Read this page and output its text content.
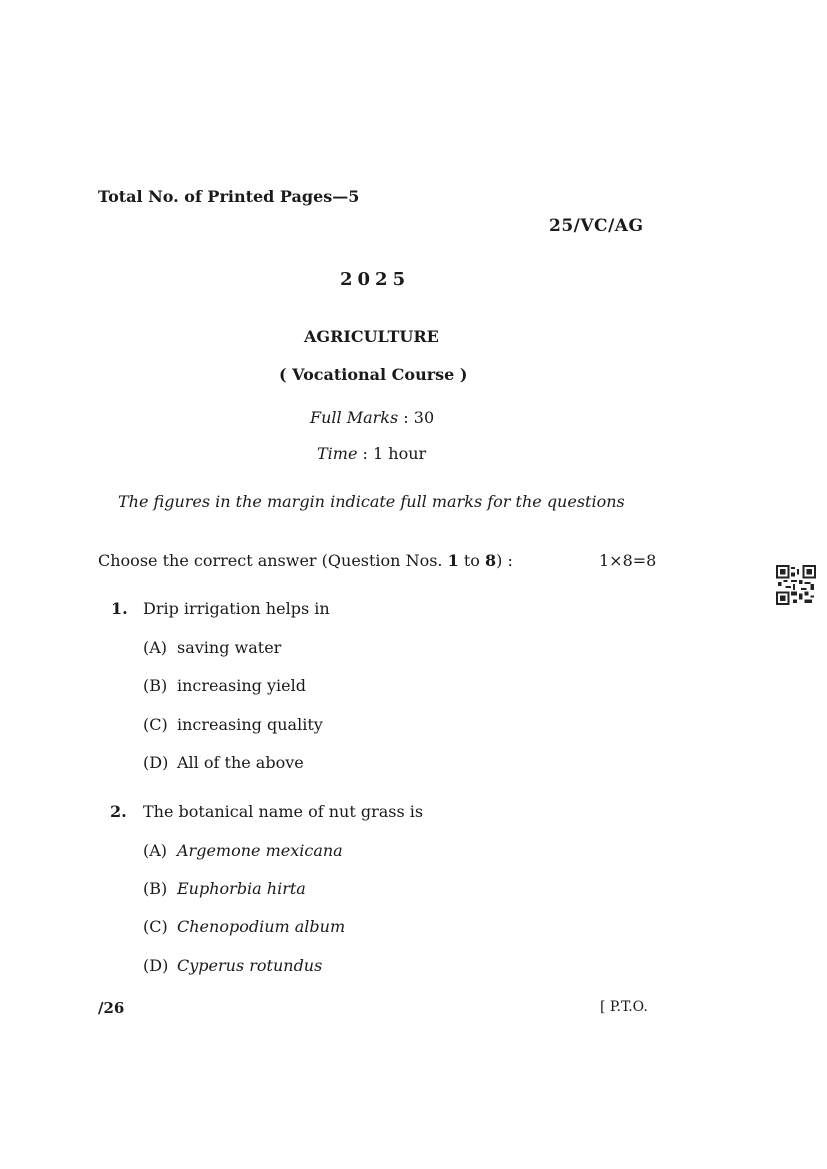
Total No. of Printed Pages—5
25/VC/AG
2025
AGRICULTURE
( Vocational Course )
Full Marks : 30
Time : 1 hour
The figures in the margin indicate full marks for the questions
Choose the correct answer (Question Nos. 1 to 8) :	1×8=8
1. Drip irrigation helps in
(A) saving water
(B) increasing yield
(C) increasing quality
(D) All of the above
2. The botanical name of nut grass is
(A) Argemone mexicana
(B) Euphorbia hirta
(C) Chenopodium album
(D) Cyperus rotundus
/26	[ P.T.O.
